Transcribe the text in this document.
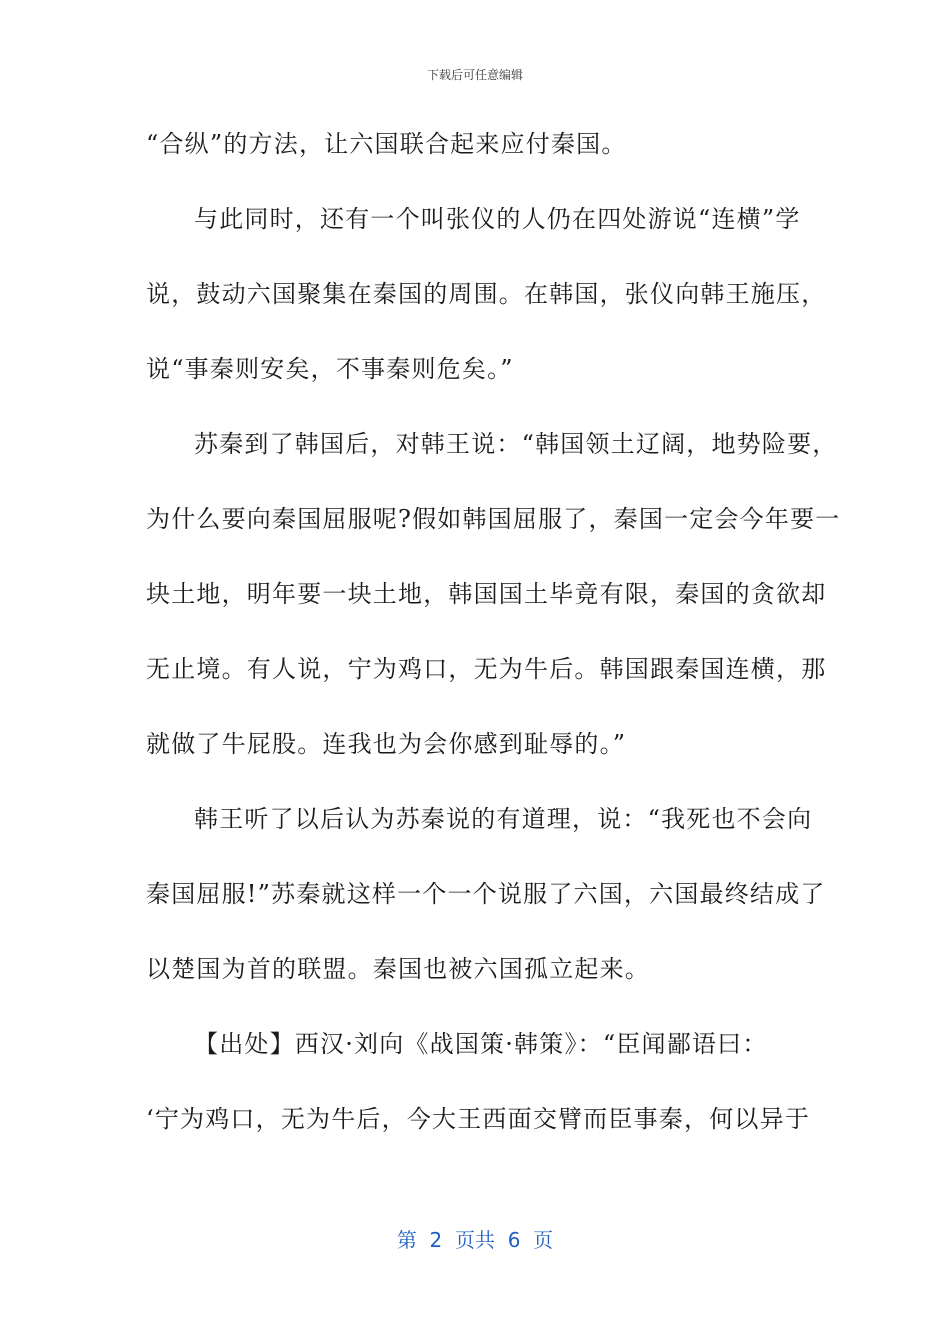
下载后可任意编辑
“合纵”的方法，让六国联合起来应付秦国。
与此同时，还有一个叫张仪的人仍在四处游说“连横”学
说，鼓动六国聚集在秦国的周围。在韩国，张仪向韩王施压，
说“事秦则安矣，不事秦则危矣。”
苏秦到了韩国后，对韩王说：“韩国领土辽阔，地势险要，
为什么要向秦国屈服呢?假如韩国屈服了，秦国一定会今年要一
块土地，明年要一块土地，韩国国土毕竟有限，秦国的贪欲却
无止境。有人说，宁为鸡口，无为牛后。韩国跟秦国连横，那
就做了牛屁股。连我也为会你感到耻辱的。”
韩王听了以后认为苏秦说的有道理，说：“我死也不会向
秦国屈服!”苏秦就这样一个一个说服了六国，六国最终结成了
以楚国为首的联盟。秦国也被六国孤立起来。
【出处】西汉·刘向《战国策·韩策》：“臣闻鄙语曰：
‘宁为鸡口，无为牛后，今大王西面交臂而臣事秦，何以异于
第  2  页共  6  页
